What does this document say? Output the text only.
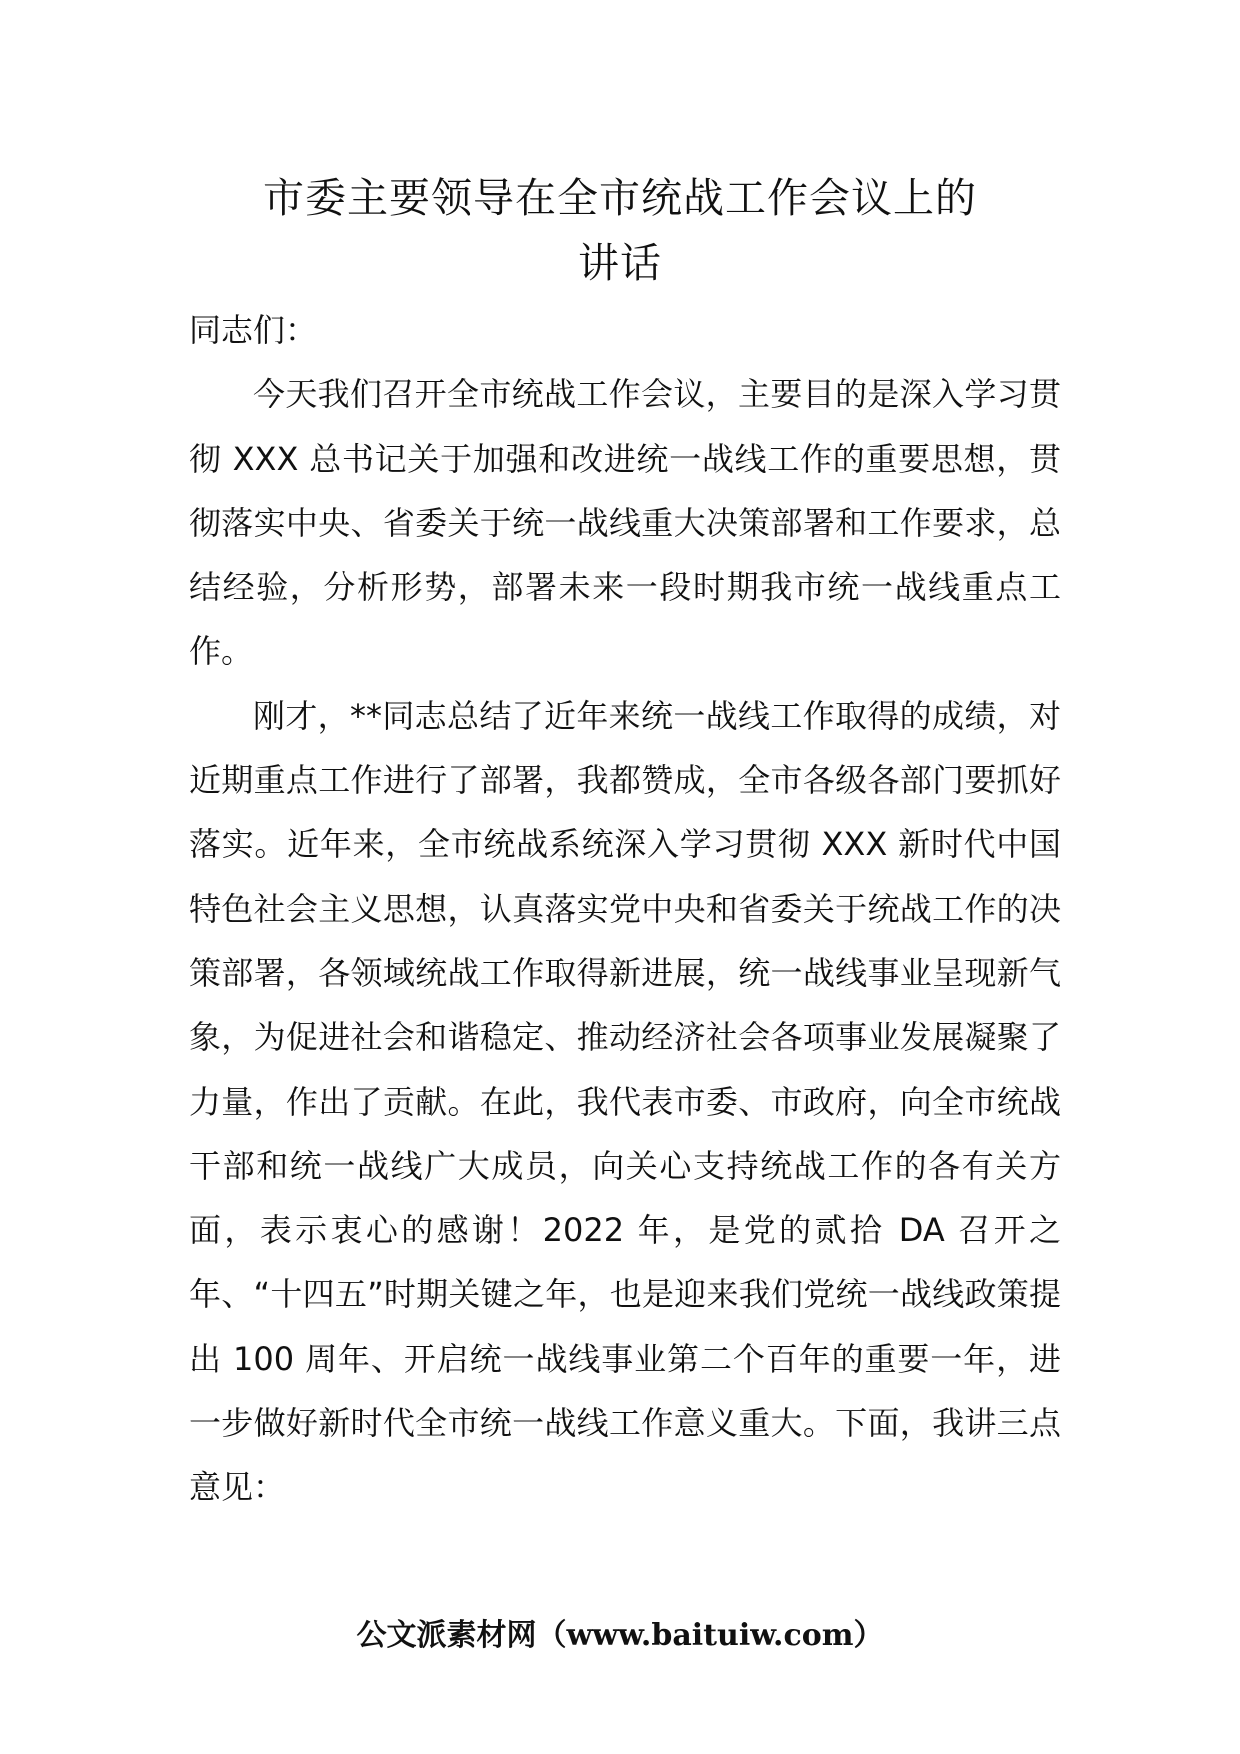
市委主要领导在全市统战工作会议上的
讲话

同志们：

今天我们召开全市统战工作会议，主要目的是深入学习贯彻 XXX 总书记关于加强和改进统一战线工作的重要思想，贯彻落实中央、省委关于统一战线重大决策部署和工作要求，总结经验，分析形势，部署未来一段时期我市统一战线重点工作。

刚才，**同志总结了近年来统一战线工作取得的成绩，对近期重点工作进行了部署，我都赞成，全市各级各部门要抓好落实。近年来，全市统战系统深入学习贯彻 XXX 新时代中国特色社会主义思想，认真落实党中央和省委关于统战工作的决策部署，各领域统战工作取得新进展，统一战线事业呈现新气象，为促进社会和谐稳定、推动经济社会各项事业发展凝聚了力量，作出了贡献。在此，我代表市委、市政府，向全市统战干部和统一战线广大成员，向关心支持统战工作的各有关方面，表示衷心的感谢！2022 年，是党的贰拾 DA 召开之年、“十四五”时期关键之年，也是迎来我们党统一战线政策提出 100 周年、开启统一战线事业第二个百年的重要一年，进一步做好新时代全市统一战线工作意义重大。下面，我讲三点意见：

公文派素材网（www.baituiw.com）
